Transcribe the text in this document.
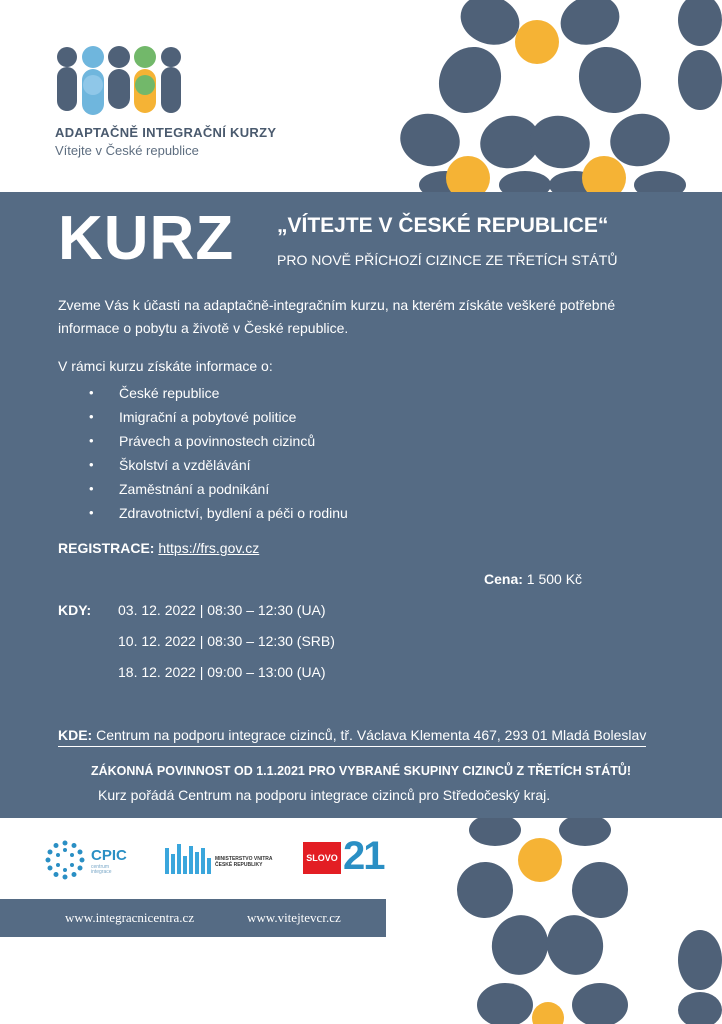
ADAPTAČNĚ INTEGRAČNÍ KURZY
Vítejte v České republice
KURZ „VÍTEJTE V ČESKÉ REPUBLICE“
PRO NOVĚ PŘÍCHOZÍ CIZINCE ZE TŘETÍCH STÁTŮ
Zveme Vás k účasti na adaptačně-integračním kurzu, na kterém získáte veškeré potřebné
informace o pobytu a životě v České republice.
V rámci kurzu získáte informace o:
• České republice
• Imigrační a pobytové politice
• Právech a povinnostech cizinců
• Školství a vzdělávání
• Zaměstnání a podnikání
• Zdravotnictví, bydlení a péči o rodinu
REGISTRACE: https://frs.gov.cz
Cena: 1 500 Kč
KDY: 03. 12. 2022 | 08:30 – 12:30 (UA)
10. 12. 2022 | 08:30 – 12:30 (SRB)
18. 12. 2022 | 09:00 – 13:00 (UA)
KDE: Centrum na podporu integrace cizinců, tř. Václava Klementa 467, 293 01 Mladá Boleslav
ZÁKONNÁ POVINNOST OD 1.1.2021 PRO VYBRANÉ SKUPINY CIZINCŮ Z TŘETÍCH STÁTŮ!
Kurz pořádá Centrum na podporu integrace cizinců pro Středočeský kraj.
CPIC
centrum integrace
MINISTERSTVO VNITRA ČESKÉ REPUBLIKY
SLOVO 21
www.integracnicentra.cz	www.vitejtevcr.cz
